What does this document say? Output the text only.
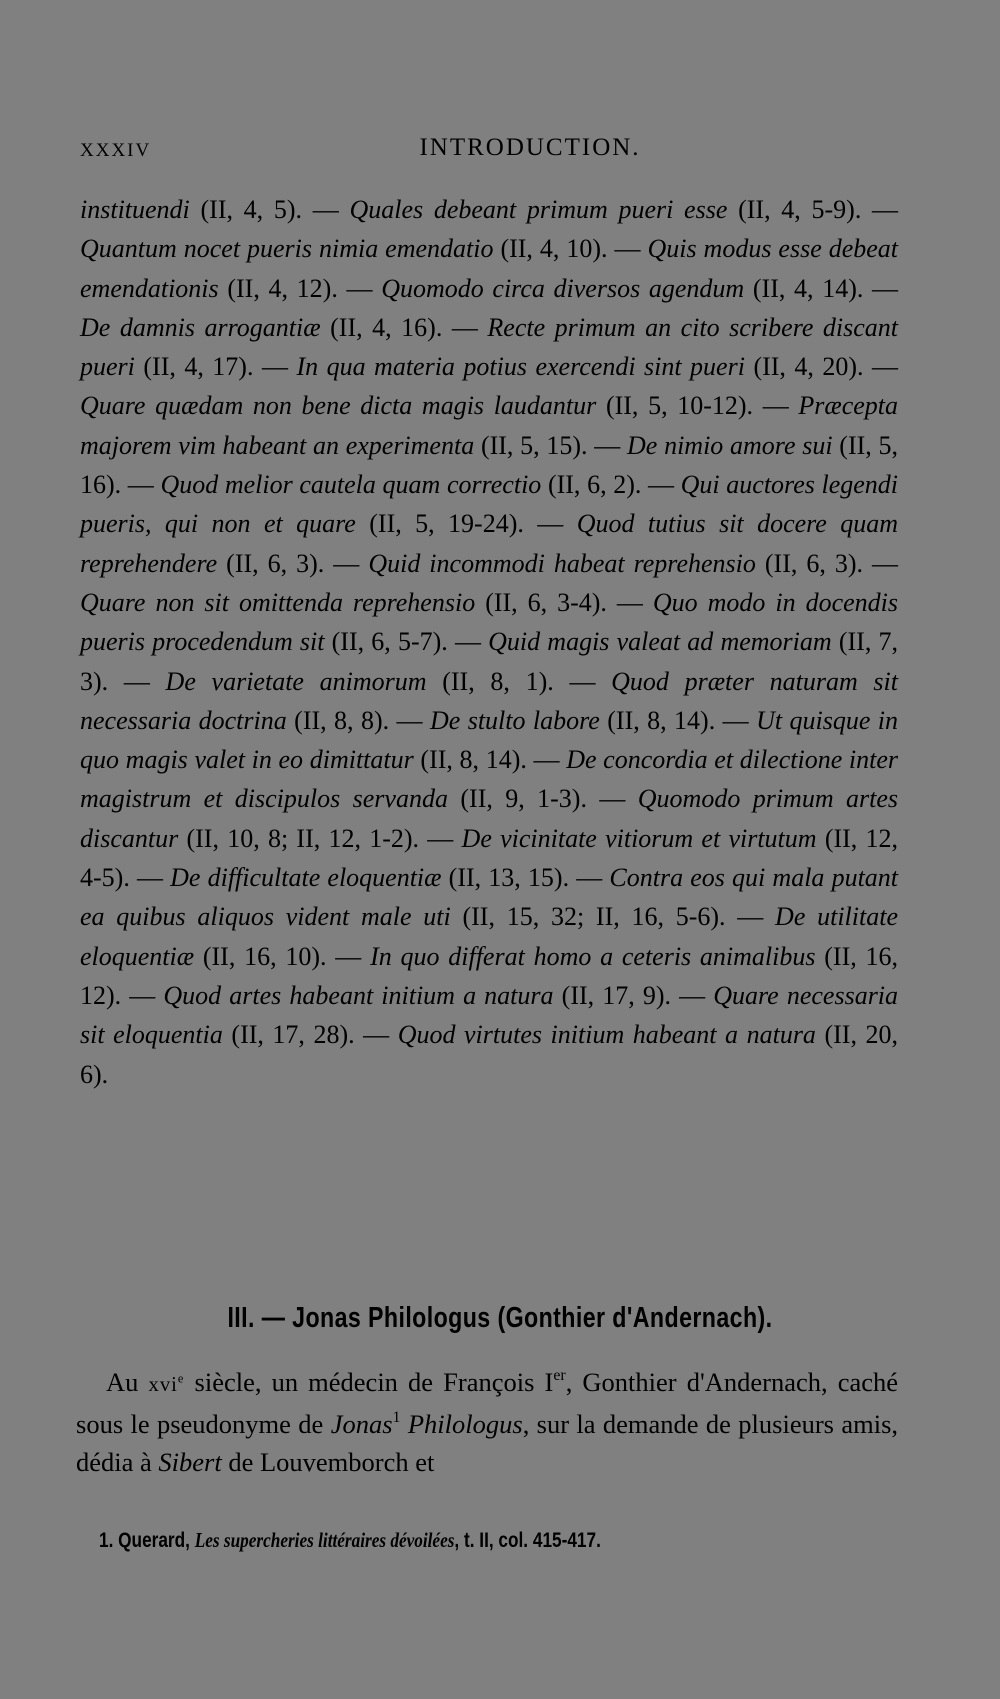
XXXIV	INTRODUCTION.
instituendi (II, 4, 5). — Quales debeant primum pueri esse (II, 4, 5-9). — Quantum nocet pueris nimia emendatio (II, 4, 10). — Quis modus esse debeat emendationis (II, 4, 12). — Quomodo circa diversos agendum (II, 4, 14). — De damnis arrogantiæ (II, 4, 16). — Recte primum an cito scribere discant pueri (II, 4, 17). — In qua materia potius exercendi sint pueri (II, 4, 20). — Quare quædam non bene dicta magis laudantur (II, 5, 10-12). — Præcepta majorem vim habeant an experimenta (II, 5, 15). — De nimio amore sui (II, 5, 16). — Quod melior cautela quam correctio (II, 6, 2). — Qui auctores legendi pueris, qui non et quare (II, 5, 19-24). — Quod tutius sit docere quam reprehendere (II, 6, 3). — Quid incommodi habeat reprehensio (II, 6, 3). — Quare non sit omittenda reprehensio (II, 6, 3-4). — Quo modo in docendis pueris procedendum sit (II, 6, 5-7). — Quid magis valeat ad memoriam (II, 7, 3). — De varietate animorum (II, 8, 1). — Quod præter naturam sit necessaria doctrina (II, 8, 8). — De stulto labore (II, 8, 14). — Ut quisque in quo magis valet in eo dimittatur (II, 8, 14). — De concordia et dilectione inter magistrum et discipulos servanda (II, 9, 1-3). — Quomodo primum artes discantur (II, 10, 8; II, 12, 1-2). — De vicinitate vitiorum et virtutum (II, 12, 4-5). — De difficultate eloquentiæ (II, 13, 15). — Contra eos qui mala putant ea quibus aliquos vident male uti (II, 15, 32; II, 16, 5-6). — De utilitate eloquentiæ (II, 16, 10). — In quo differat homo a ceteris animalibus (II, 16, 12). — Quod artes habeant initium a natura (II, 17, 9). — Quare necessaria sit eloquentia (II, 17, 28). — Quod virtutes initium habeant a natura (II, 20, 6).
III. — Jonas Philologus (Gonthier d'Andernach).
Au xvi$^e$ siècle, un médecin de François Ier, Gonthier d'Andernach, caché sous le pseudonyme de Jonas$^1$ Philologus, sur la demande de plusieurs amis, dédia à Sibert de Louvemborch et
1. Querard, Les supercheries littéraires dévoilées, t. II, col. 415-417.
